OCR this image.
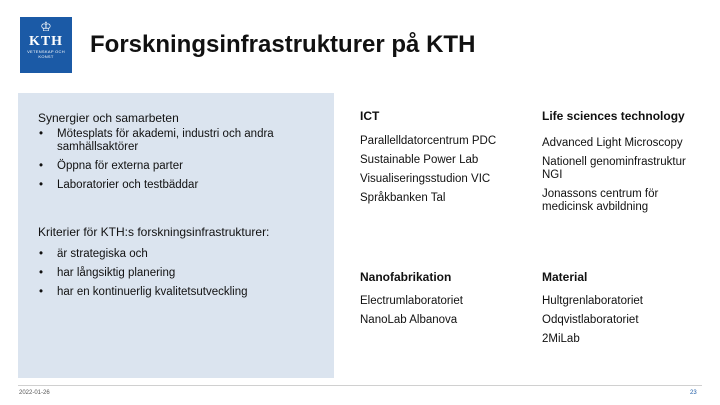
♔
KTH
VETENSKAP OCH KONST	Forskningsinfrastrukturer på KTH
Synergier och samarbeten
• Mötesplats för akademi, industri och andra samhällsaktörer
• Öppna för externa parter
• Laboratorier och testbäddar
Kriterier för KTH:s forskningsinfrastrukturer:
• är strategiska och
• har långsiktig planering
• har en kontinuerlig kvalitetsutveckling
ICT
Parallelldatorcentrum PDC
Sustainable Power Lab
Visualiseringsstudion VIC
Språkbanken Tal
Life sciences technology
Advanced Light Microscopy
Nationell genominfrastruktur NGI
Jonassons centrum för medicinsk avbildning
Nanofabrikation
Electrumlaboratoriet
NanoLab Albanova
Material
Hultgrenlaboratoriet
Odqvistlaboratoriet
2MiLab
2022-01-26	23
